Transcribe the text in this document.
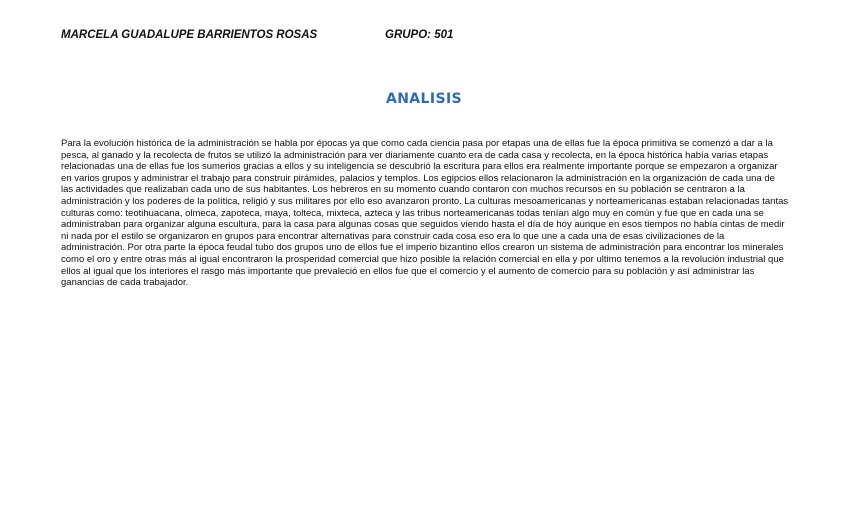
MARCELA GUADALUPE BARRIENTOS ROSAS	GRUPO: 501
ANALISIS

Para la evolución histórica de la administración se habla por épocas ya que como cada ciencia pasa por etapas una de ellas fue la época primitiva se comenzó a dar a la pesca, al ganado y la recolecta de frutos se utilizó la administración para ver diariamente cuanto era de cada casa y recolecta, en la época histórica había varias etapas relacionadas una de ellas fue los sumerios gracias a ellos y su inteligencia se descubrió la escritura para ellos era realmente importante porque se empezaron a organizar en varios grupos y administrar el trabajo para construir pirámides, palacios y templos. Los egipcios ellos relacionaron la administración en la organización de cada una de las actividades que realizaban cada uno de sus habitantes. Los hebreros en su momento cuando contaron con muchos recursos en su población se centraron a la administración y los poderes de la política, religió y sus militares por ello eso avanzaron pronto. La culturas mesoamericanas y norteamericanas estaban relacionadas tantas culturas como: teotihuacana, olmeca, zapoteca, maya, tolteca, mixteca, azteca y las tribus norteamericanas todas tenían algo muy en común y fue que en cada una se administraban para organizar alguna escultura, para la casa para algunas cosas que seguidos viendo hasta el día de hoy aunque en esos tiempos no había cintas de medir ni nada por el estilo se organizaron en grupos para encontrar alternativas para construir cada cosa eso era lo que une a cada una de esas civilizaciones de la administración. Por otra parte la época feudal tubo dos grupos uno de ellos fue el imperio bizantino ellos crearon un sistema de administración para encontrar los minerales como el oro y entre otras más al igual encontraron la prosperidad comercial que hizo posible la relación comercial en ella y por ultimo tenemos a la revolución industrial que ellos al igual que los interiores el rasgo más importante que prevaleció en ellos fue que el comercio y el aumento de comercio para su población y así administrar las ganancias de cada trabajador.
